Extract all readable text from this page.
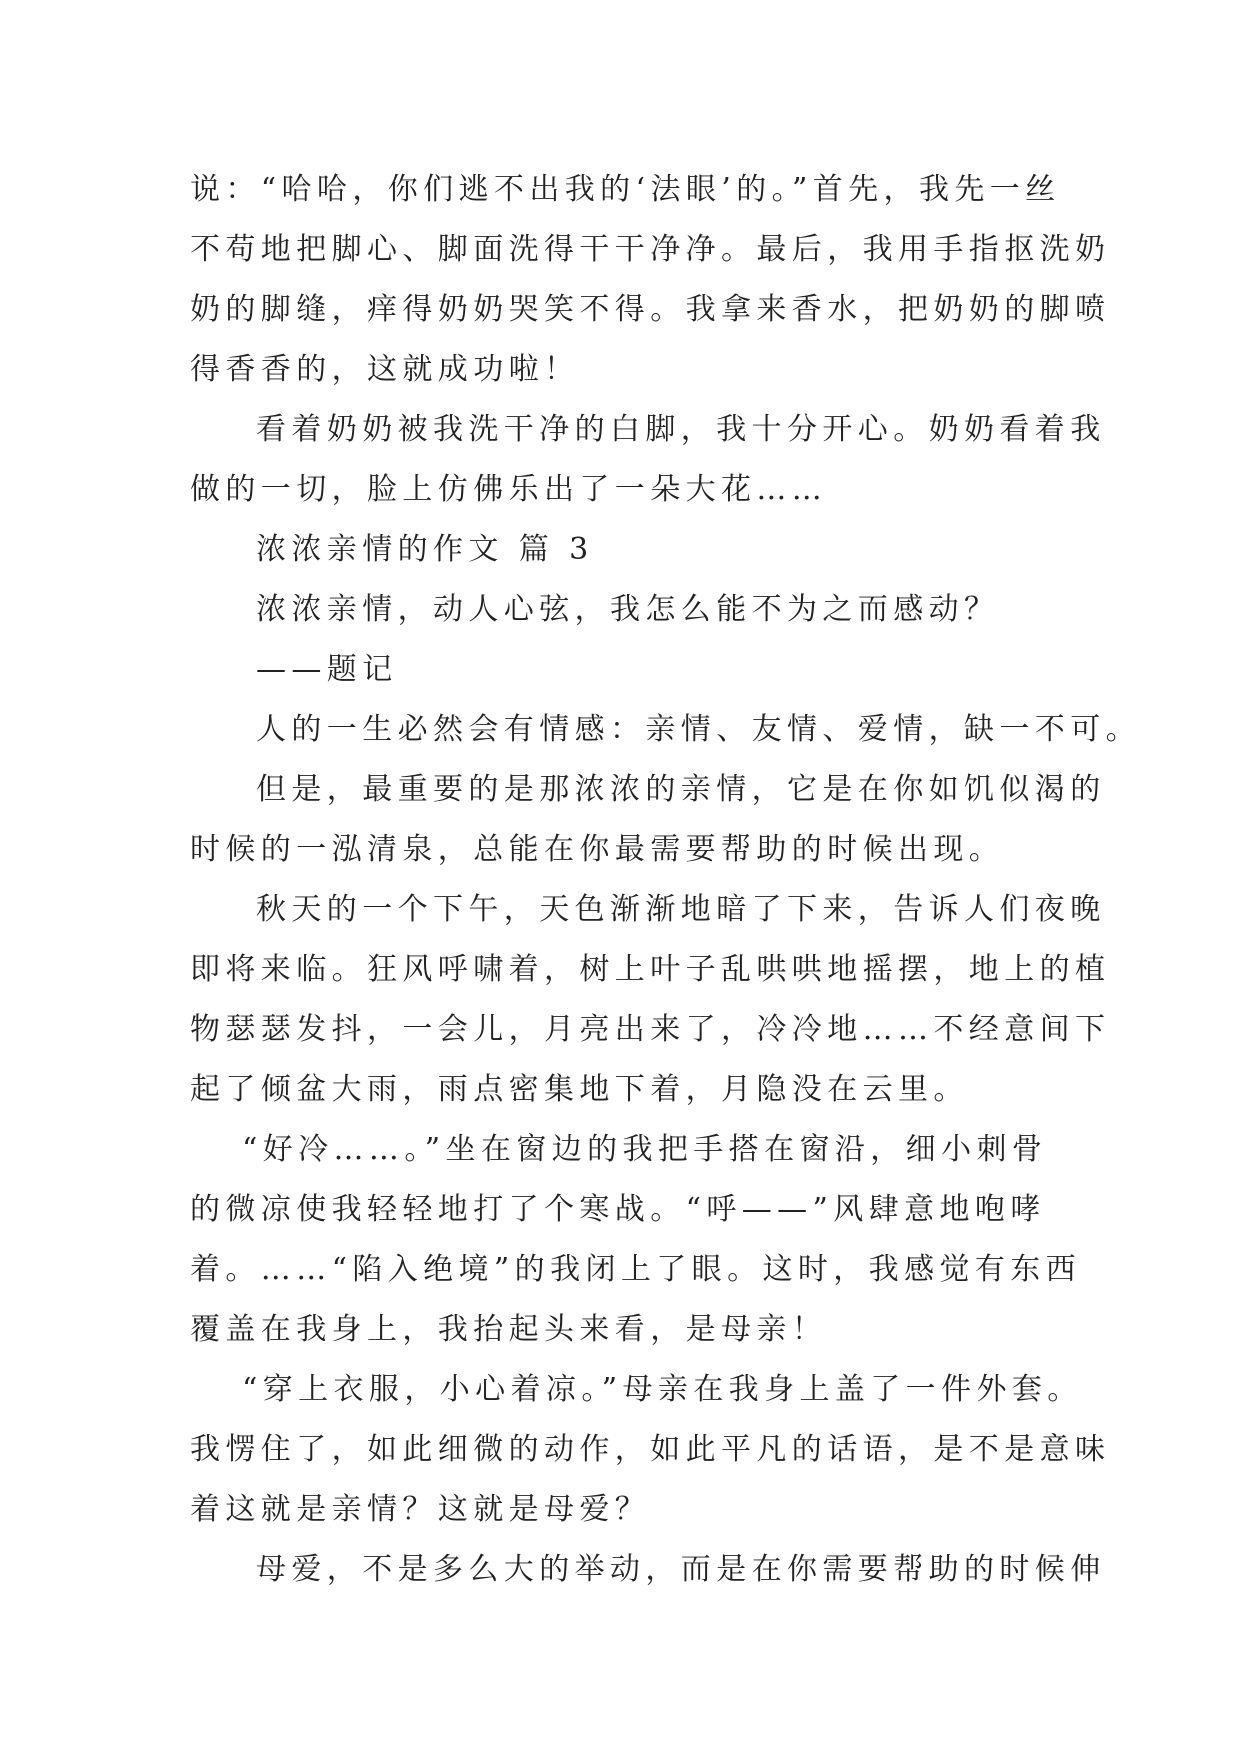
说：“哈哈，你们逃不出我的‘法眼’的。”首先，我先一丝

不苟地把脚心、脚面洗得干干净净。最后，我用手指抠洗奶

奶的脚缝，痒得奶奶哭笑不得。我拿来香水，把奶奶的脚喷

得香香的，这就成功啦！

看着奶奶被我洗干净的白脚，我十分开心。奶奶看着我

做的一切，脸上仿佛乐出了一朵大花……

浓浓亲情的作文 篇 3

浓浓亲情，动人心弦，我怎么能不为之而感动？

——题记

人的一生必然会有情感：亲情、友情、爱情，缺一不可。

但是，最重要的是那浓浓的亲情，它是在你如饥似渴的

时候的一泓清泉，总能在你最需要帮助的时候出现。

秋天的一个下午，天色渐渐地暗了下来，告诉人们夜晚

即将来临。狂风呼啸着，树上叶子乱哄哄地摇摆，地上的植

物瑟瑟发抖，一会儿，月亮出来了，冷冷地……不经意间下

起了倾盆大雨，雨点密集地下着，月隐没在云里。

“好冷……。”坐在窗边的我把手搭在窗沿，细小刺骨

的微凉使我轻轻地打了个寒战。“呼——”风肆意地咆哮

着。……“陷入绝境”的我闭上了眼。这时，我感觉有东西

覆盖在我身上，我抬起头来看，是母亲！

“穿上衣服，小心着凉。”母亲在我身上盖了一件外套。

我愣住了，如此细微的动作，如此平凡的话语，是不是意味

着这就是亲情？这就是母爱？

母爱，不是多么大的举动，而是在你需要帮助的时候伸
